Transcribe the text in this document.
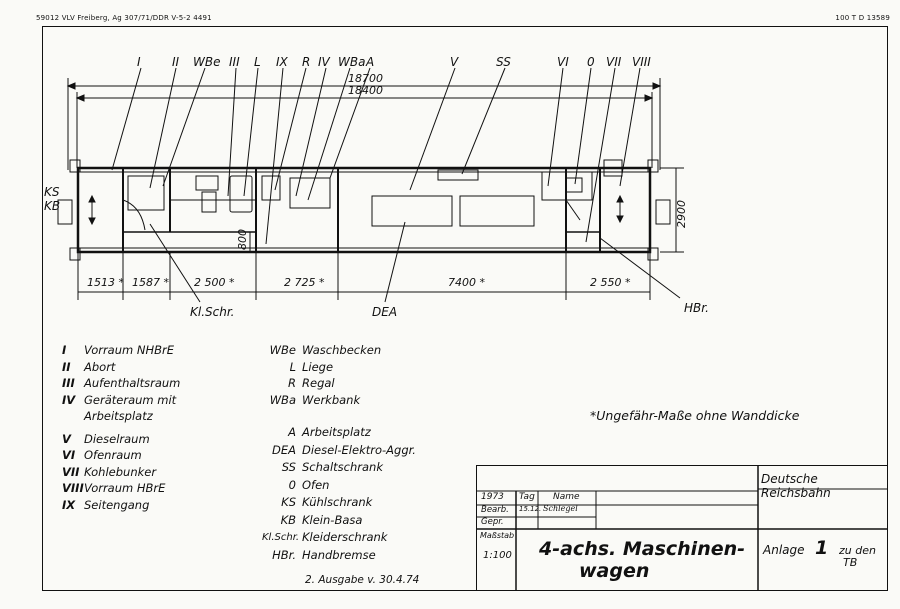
59012 VLV Freiberg, Ag 307/71/DDR V-5-2 4491	100 T D 13589
I	II WBe III L IX R IV WBa A	V	SS	VI 0 VII VIII
18700
18400
2900
800
KS
KB
1513 * 1587 * 2 500 *	2 725 *	7400 *	2 550 *
Kl.Schr.	DEA	HBr.
I	Vorraum NHBrE
II	Abort
III Aufenthaltsraum
IV Geräteraum mit
Arbeitsplatz
V	Dieselraum
VI Ofenraum
VII Kohlebunker
VIII Vorraum HBrE
IX Seitengang
WBe Waschbecken
L Liege
R Regal
WBa Werkbank
A Arbeitsplatz
DEA Diesel-Elektro-Aggr.
SS Schaltschrank
0 Ofen
KS Kühlschrank
KB Klein-Basa
Kl.Schr. Kleiderschrank
HBr. Handbremse
*Ungefähr-Maße ohne Wanddicke
2. Ausgabe v. 30.4.74
1973 Tag Name
Bearb. 15.12. Schlegel
Gepr.
Maßstab
1:100 4-achs. Maschinen-
wagen
Deutsche Reichsbahn
Anlage 1 zu den
TB
